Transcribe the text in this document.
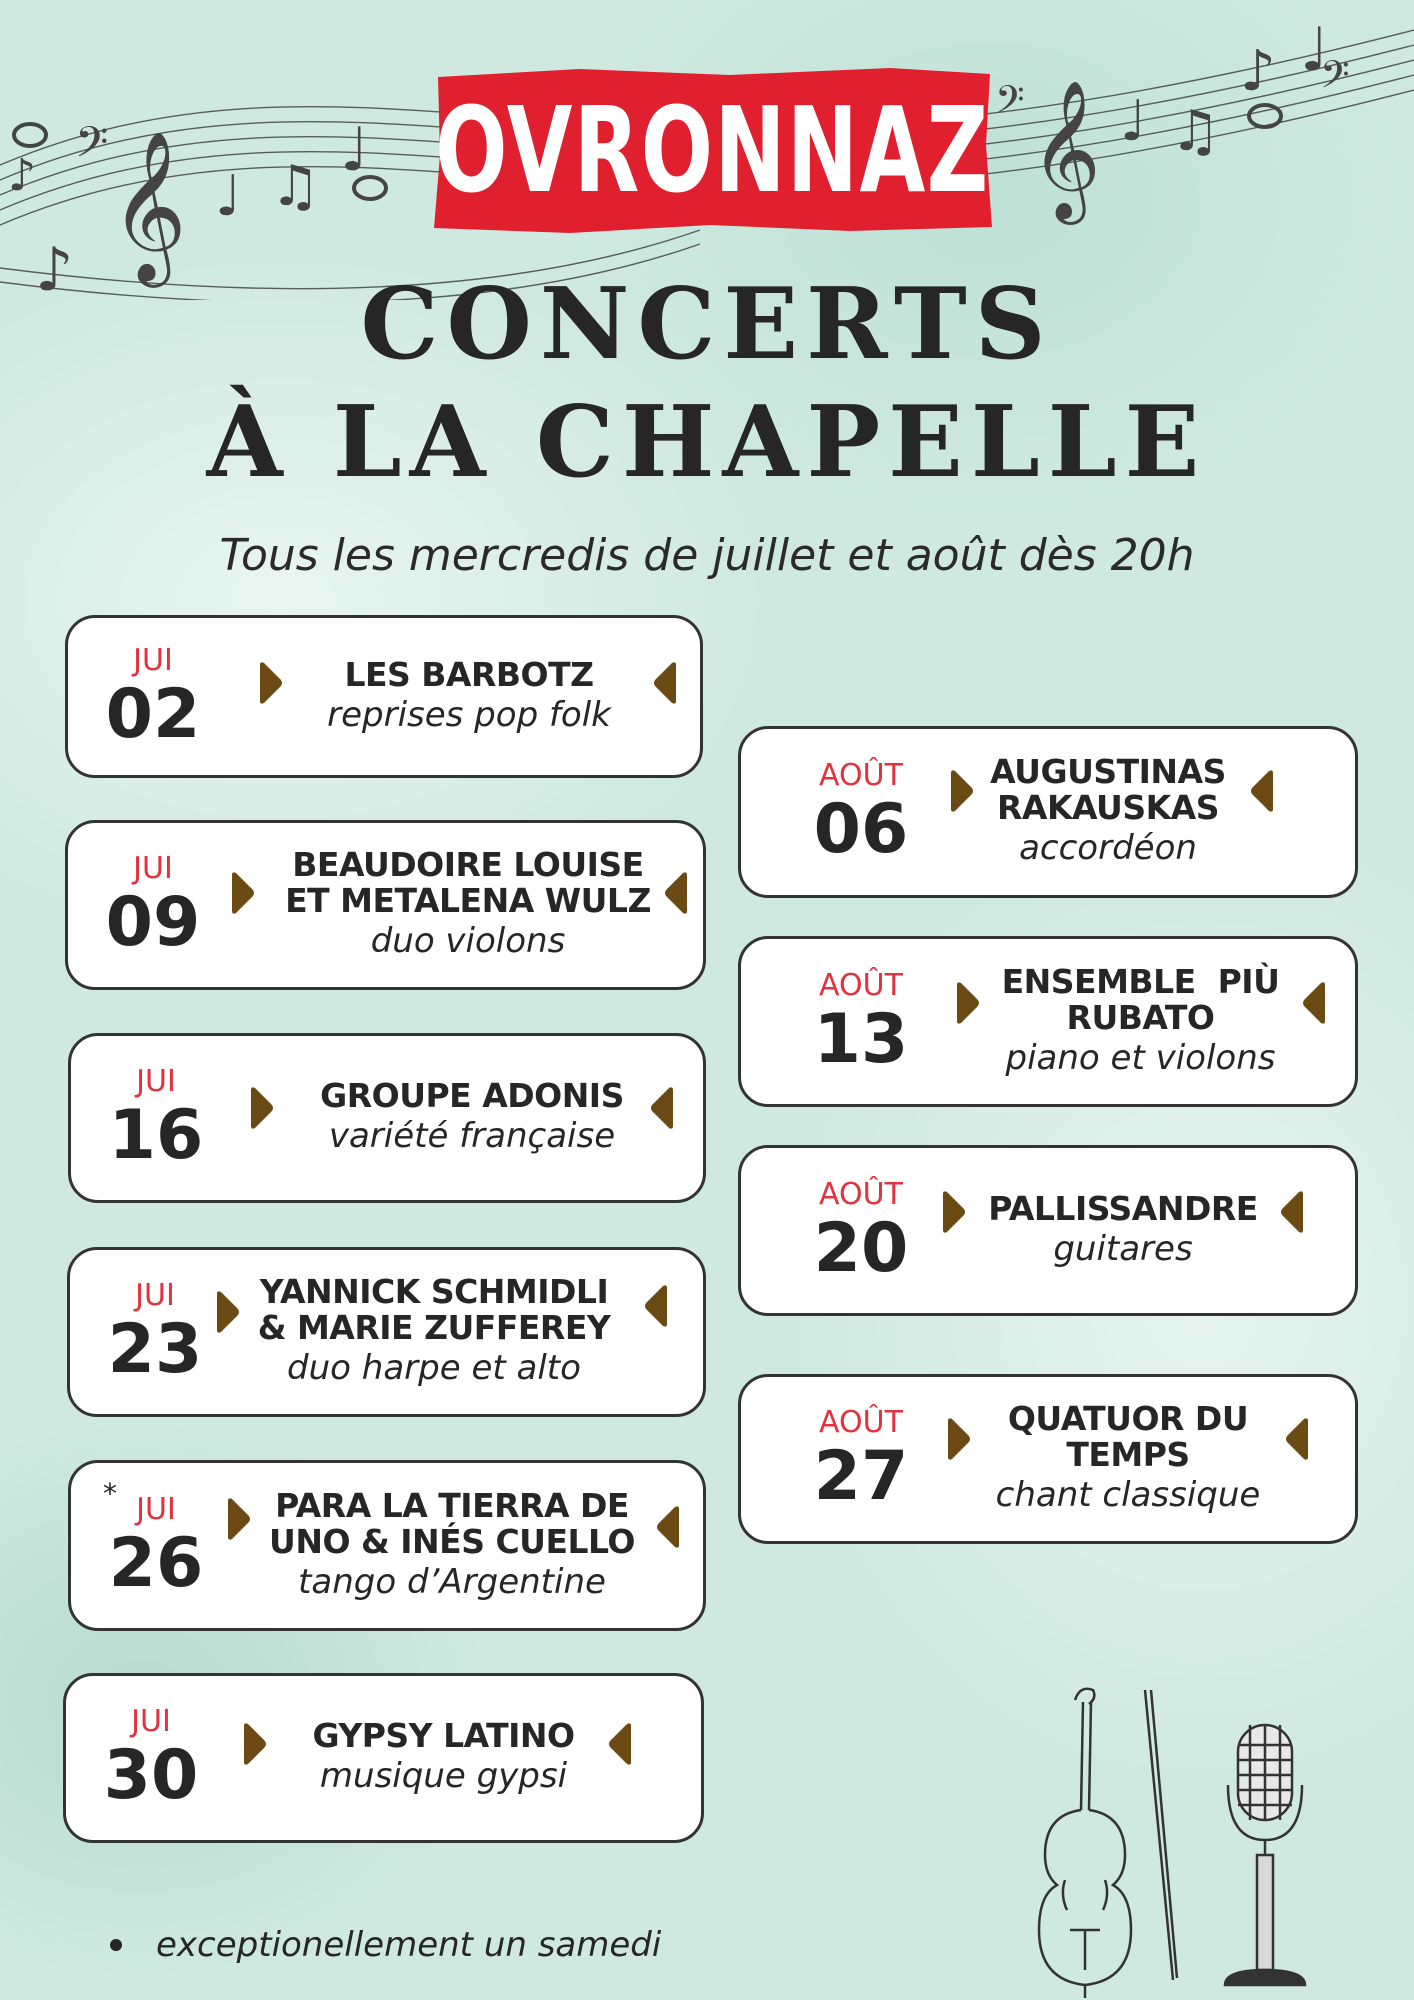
𝄞	𝄞
𝄢
𝄢	𝄢
♪
♪	♩ ♫
♩	♩ ♫
♪ ♩
OVRONNAZ
CONCERTS
À LA CHAPELLE
Tous les mercredis de juillet et août dès 20h
JUI
02
LES BARBOTZ
reprises pop folk
JUI
09
BEAUDOIRE LOUISE
ET METALENA WULZ
duo violons
JUI
16
GROUPE ADONIS
variété française
JUI
23
YANNICK SCHMIDLI
& MARIE ZUFFEREY
duo harpe et alto
* JUI
26
PARA LA TIERRA DE
UNO & INÉS CUELLO
tango d’Argentine
JUI
30
GYPSY LATINO
musique gypsi
AOÛT
06
AUGUSTINAS
RAKAUSKAS
accordéon
AOÛT
13
ENSEMBLE  PIÙ
RUBATO
piano et violons
AOÛT
20
PALLISSANDRE
guitares
AOÛT
27
QUATUOR DU
TEMPS
chant classique
exceptionellement un samedi
